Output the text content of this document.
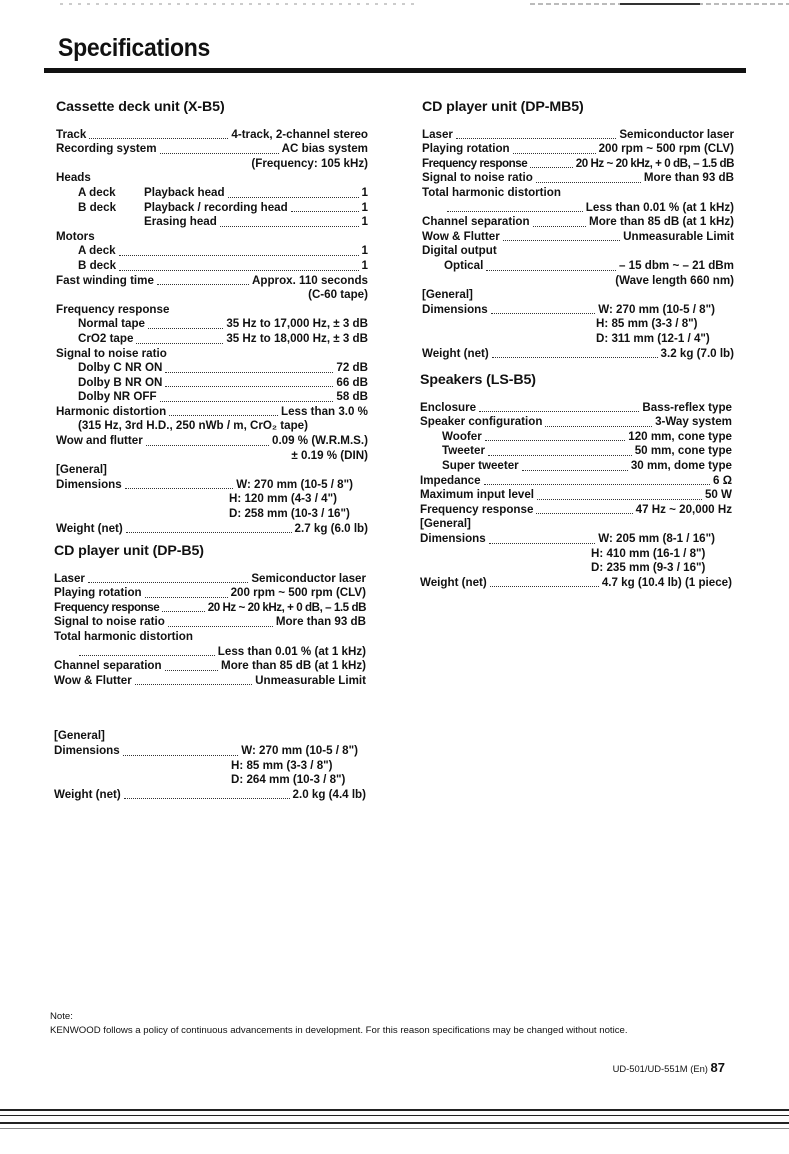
Specifications
Cassette deck unit (X-B5)
Track	4-track, 2-channel stereo
Recording system	AC bias system
(Frequency: 105 kHz)
Heads
A deck	Playback head	1
B deck	Playback / recording head	1
Erasing head	1
Motors
A deck	1
B deck	1
Fast winding time	Approx. 110 seconds
(C-60 tape)
Frequency response
Normal tape	35 Hz to 17,000 Hz, ± 3 dB
CrO2 tape	35 Hz to 18,000 Hz, ± 3 dB
Signal to noise ratio
Dolby C NR ON	72 dB
Dolby B NR ON	66 dB
Dolby NR OFF	58 dB
Harmonic distortion	Less than 3.0 %
(315 Hz, 3rd H.D., 250 nWb / m, CrO₂ tape)
Wow and flutter	0.09 % (W.R.M.S.)
± 0.19 % (DIN)
[General]
Dimensions	W: 270 mm (10-5 / 8")
H: 120 mm (4-3 / 4")
D: 258 mm (10-3 / 16")
Weight (net)	2.7 kg (6.0 lb)
CD player unit (DP-B5)
Laser	Semiconductor laser
Playing rotation	200 rpm ~ 500 rpm (CLV)
Frequency response	20 Hz ~ 20 kHz, + 0 dB, – 1.5 dB
Signal to noise ratio	More than 93 dB
Total harmonic distortion
Less than 0.01 % (at 1 kHz)
Channel separation	More than 85 dB (at 1 kHz)
Wow & Flutter	Unmeasurable Limit
[General]
Dimensions	W: 270 mm (10-5 / 8")
H: 85 mm (3-3 / 8")
D: 264 mm (10-3 / 8")
Weight (net)	2.0 kg (4.4 lb)
CD player unit (DP-MB5)
Laser	Semiconductor laser
Playing rotation	200 rpm ~ 500 rpm (CLV)
Frequency response	20 Hz ~ 20 kHz, + 0 dB, – 1.5 dB
Signal to noise ratio	More than 93 dB
Total harmonic distortion
Less than 0.01 % (at 1 kHz)
Channel separation	More than 85 dB (at 1 kHz)
Wow & Flutter	Unmeasurable Limit
Digital output
Optical	– 15 dbm ~ – 21 dBm
(Wave length 660 nm)
[General]
Dimensions	W: 270 mm (10-5 / 8")
H: 85 mm (3-3 / 8")
D: 311 mm (12-1 / 4")
Weight (net)	3.2 kg (7.0 lb)
Speakers (LS-B5)
Enclosure	Bass-reflex type
Speaker configuration	3-Way system
Woofer	120 mm, cone type
Tweeter	50 mm, cone type
Super tweeter	30 mm, dome type
Impedance	6 Ω
Maximum input level	50 W
Frequency response	47 Hz ~ 20,000 Hz
[General]
Dimensions	W: 205 mm (8-1 / 16")
H: 410 mm (16-1 / 8")
D: 235 mm (9-3 / 16")
Weight (net)	4.7 kg (10.4 lb) (1 piece)
Note:
KENWOOD follows a policy of continuous advancements in development. For this reason specifications may be changed without notice.
UD-501/UD-551M (En) 87
